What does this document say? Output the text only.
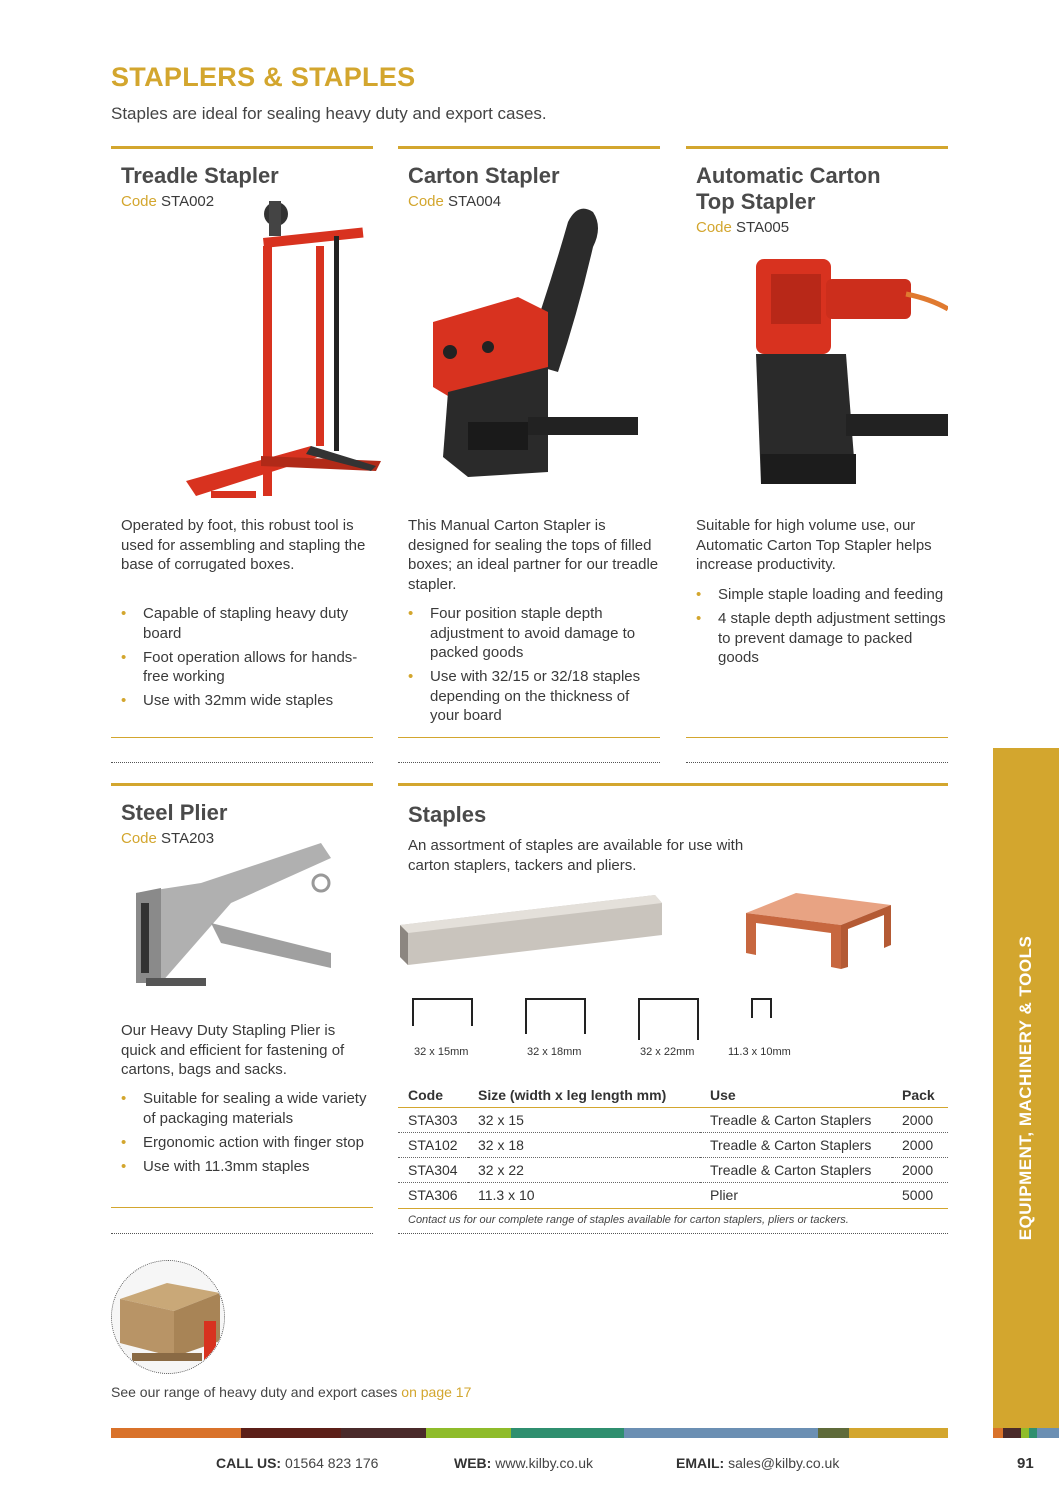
STAPLERS & STAPLES
Staples are ideal for sealing heavy duty and export cases.
Treadle Stapler
Code STA002
Operated by foot, this robust tool is used for assembling and stapling the base of corrugated boxes.
• Capable of stapling heavy duty board
• Foot operation allows for hands-free working
• Use with 32mm wide staples
Carton Stapler
Code STA004
This Manual Carton Stapler is designed for sealing the tops of filled boxes; an ideal partner for our treadle stapler.
• Four position staple depth adjustment to avoid damage to packed goods
• Use with 32/15 or 32/18 staples depending on the thickness of your board
Automatic Carton
Top Stapler
Code STA005
Suitable for high volume use, our Automatic Carton Top Stapler helps increase productivity.
• Simple staple loading and feeding
• 4 staple depth adjustment settings to prevent damage to packed goods
Steel Plier
Code STA203
Our Heavy Duty Stapling Plier is quick and efficient for fastening of cartons, bags and sacks.
• Suitable for sealing a wide variety of packaging materials
• Ergonomic action with finger stop
• Use with 11.3mm staples
Staples
An assortment of staples are available for use with carton staplers, tackers and pliers.
32 x 15mm	32 x 18mm	32 x 22mm	11.3 x 10mm
Code	Size (width x leg length mm)	Use	Pack
STA303	32 x 15	Treadle & Carton Staplers	2000
STA102	32 x 18	Treadle & Carton Staplers	2000
STA304	32 x 22	Treadle & Carton Staplers	2000
STA306	11.3 x 10	Plier	5000
Contact us for our complete range of staples available for carton staplers, pliers or tackers.
See our range of heavy duty and export cases on page 17
EQUIPMENT, MACHINERY & TOOLS
CALL US: 01564 823 176	WEB: www.kilby.co.uk	EMAIL: sales@kilby.co.uk	91
